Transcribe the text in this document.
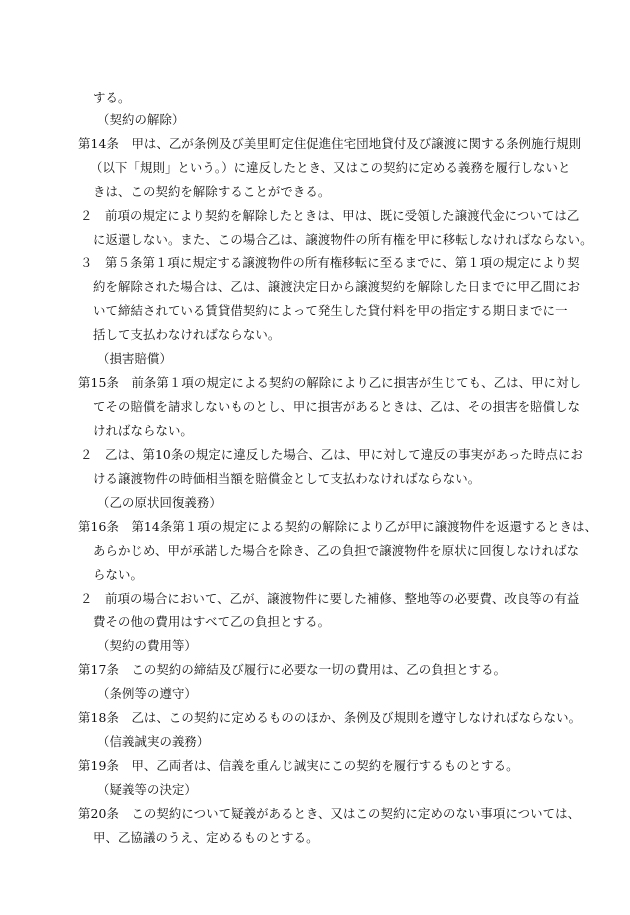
する。
（契約の解除）
第14条　甲は、乙が条例及び美里町定住促進住宅団地貸付及び譲渡に関する条例施行規則
（以下「規則」という。）に違反したとき、又はこの契約に定める義務を履行しないと
きは、この契約を解除することができる。
２　前項の規定により契約を解除したときは、甲は、既に受領した譲渡代金については乙
に返還しない。また、この場合乙は、譲渡物件の所有権を甲に移転しなければならない。
３　第５条第１項に規定する譲渡物件の所有権移転に至るまでに、第１項の規定により契
約を解除された場合は、乙は、譲渡決定日から譲渡契約を解除した日までに甲乙間にお
いて締結されている賃貸借契約によって発生した貸付料を甲の指定する期日までに一
括して支払わなければならない。
（損害賠償）
第15条　前条第１項の規定による契約の解除により乙に損害が生じても、乙は、甲に対し
てその賠償を請求しないものとし、甲に損害があるときは、乙は、その損害を賠償しな
ければならない。
２　乙は、第10条の規定に違反した場合、乙は、甲に対して違反の事実があった時点にお
ける譲渡物件の時価相当額を賠償金として支払わなければならない。
（乙の原状回復義務）
第16条　第14条第１項の規定による契約の解除により乙が甲に譲渡物件を返還するときは、
あらかじめ、甲が承諾した場合を除き、乙の負担で譲渡物件を原状に回復しなければな
らない。
２　前項の場合において、乙が、譲渡物件に要した補修、整地等の必要費、改良等の有益
費その他の費用はすべて乙の負担とする。
（契約の費用等）
第17条　この契約の締結及び履行に必要な一切の費用は、乙の負担とする。
（条例等の遵守）
第18条　乙は、この契約に定めるもののほか、条例及び規則を遵守しなければならない。
（信義誠実の義務）
第19条　甲、乙両者は、信義を重んじ誠実にこの契約を履行するものとする。
（疑義等の決定）
第20条　この契約について疑義があるとき、又はこの契約に定めのない事項については、
甲、乙協議のうえ、定めるものとする。
